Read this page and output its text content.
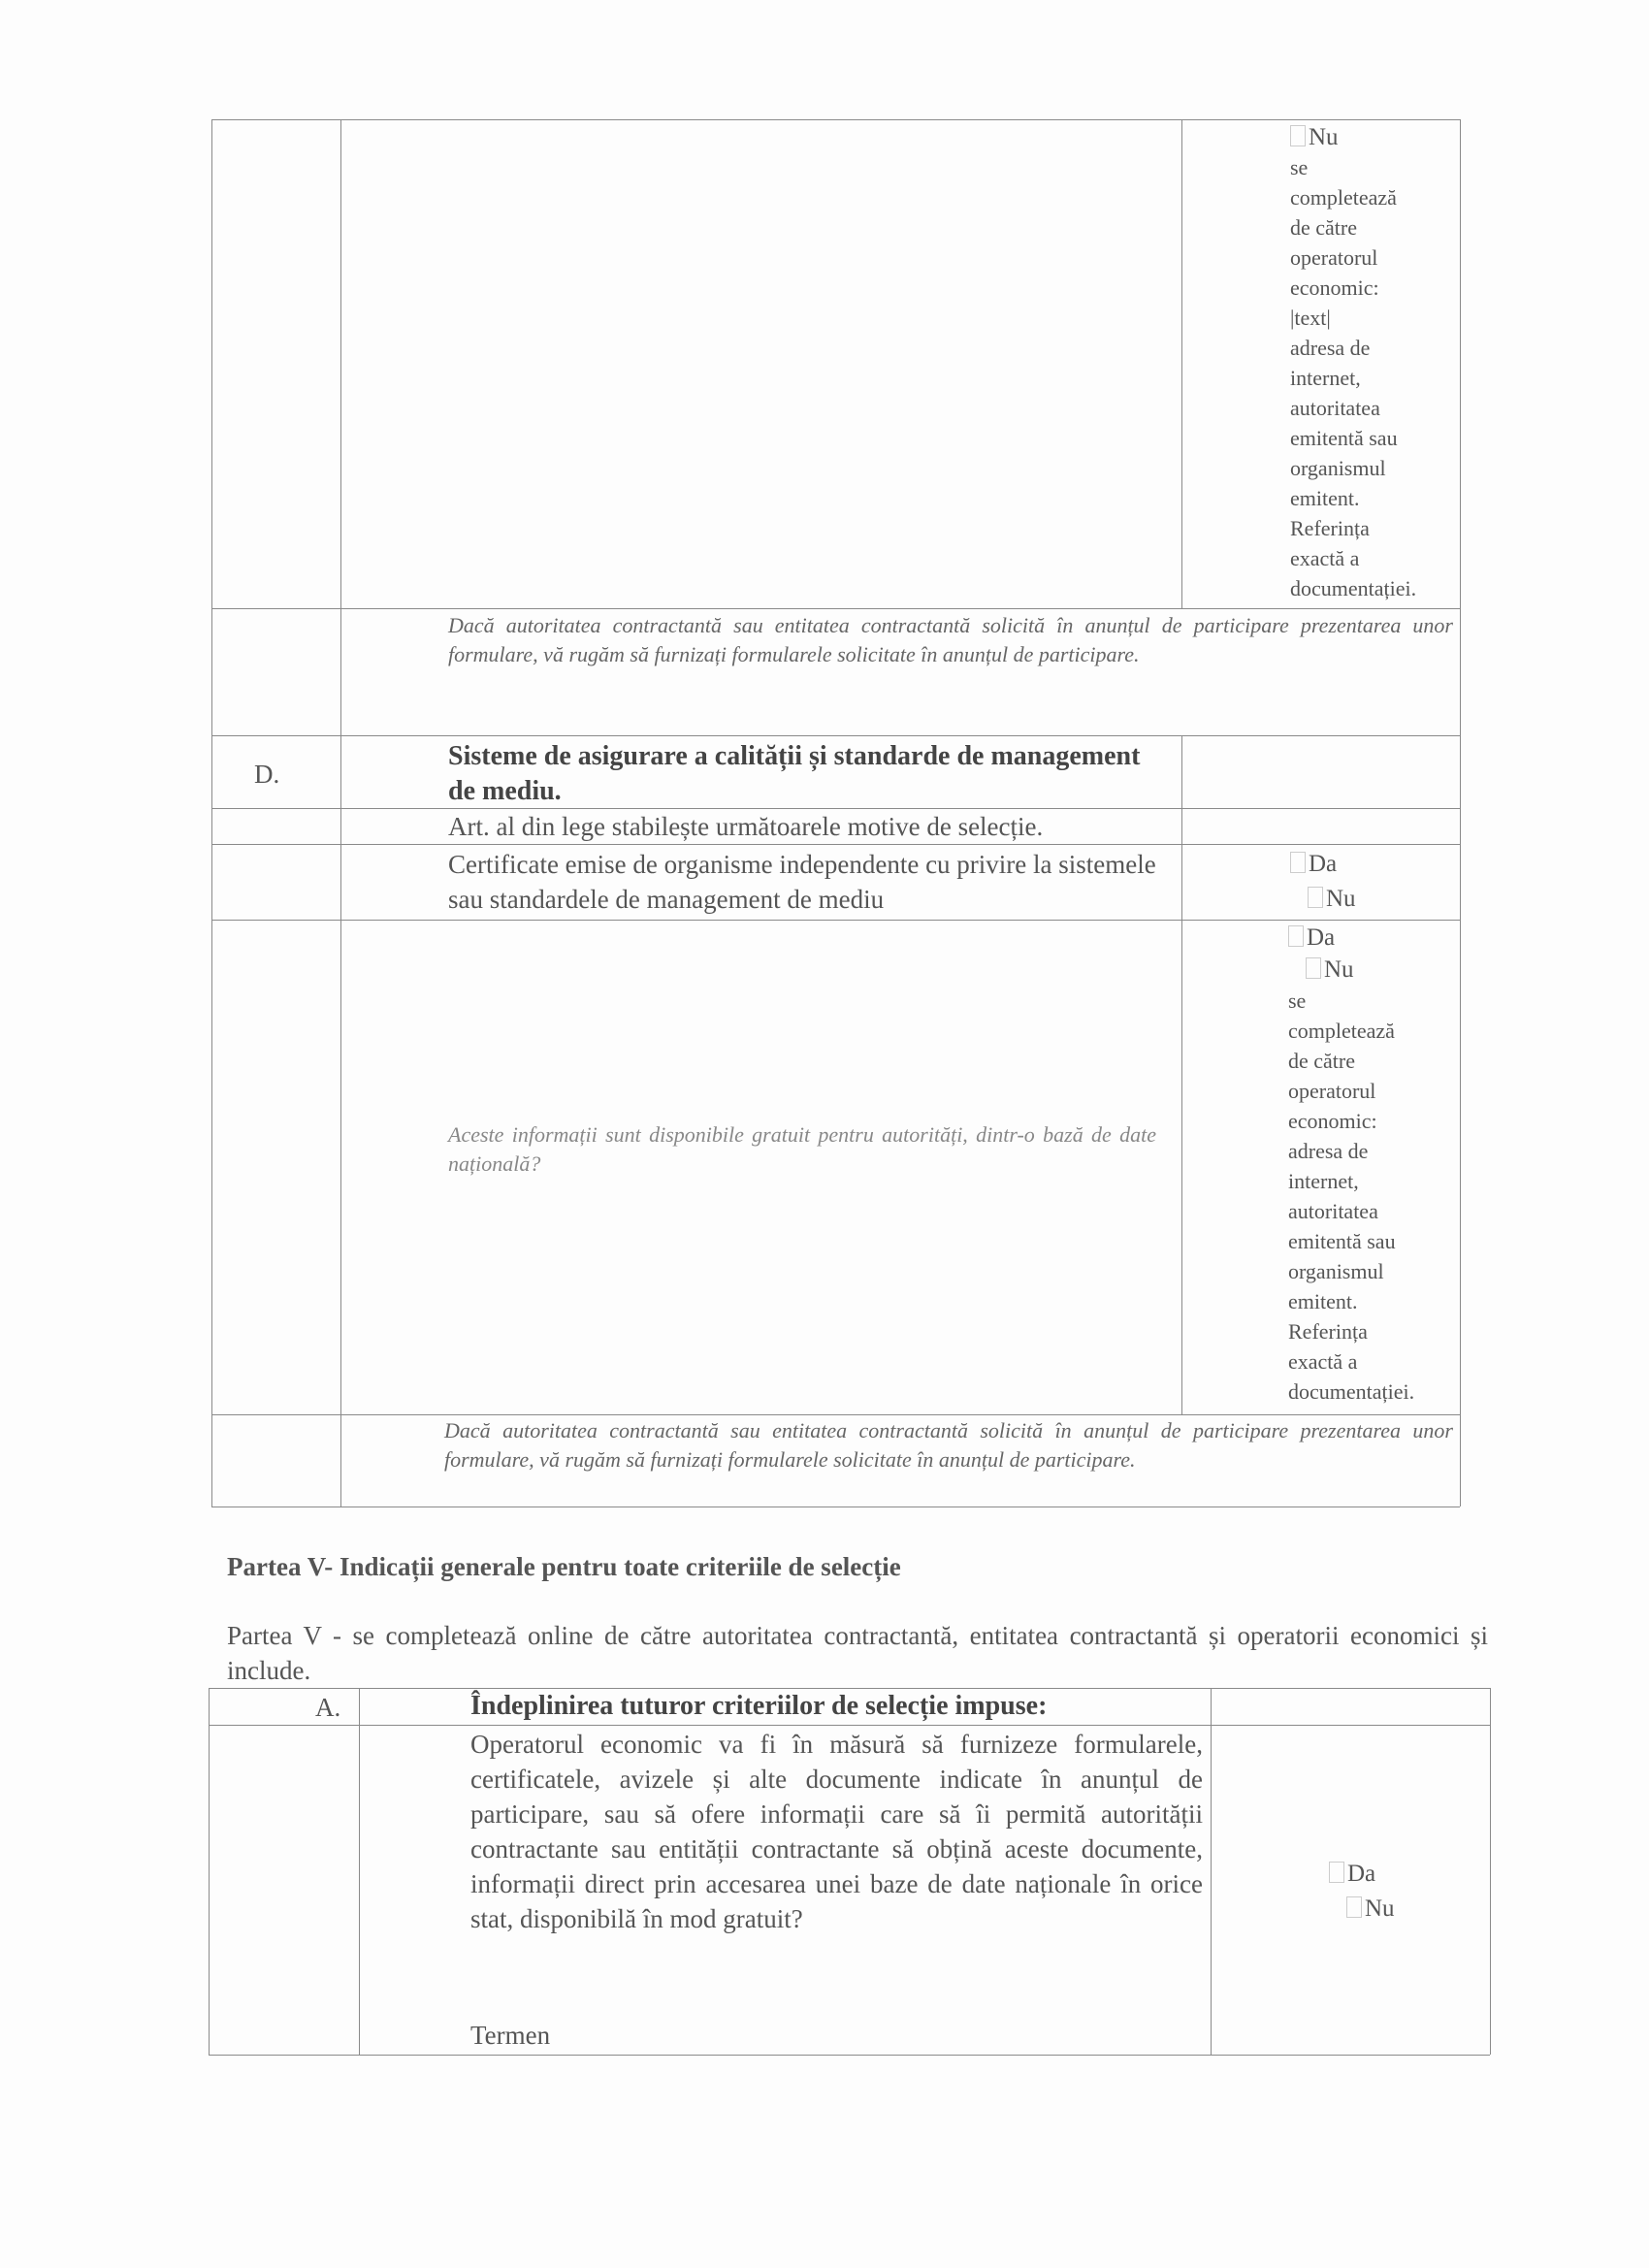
Nu
se
completează
de către
operatorul
economic:
|text|
adresa de
internet,
autoritatea
emitentă sau
organismul
emitent.
Referința
exactă a
documentației.
Dacă autoritatea contractantă sau entitatea contractantă solicită în anunțul de participare prezentarea unor formulare, vă rugăm să furnizați formularele solicitate în anunțul de participare.
D.
Sisteme de asigurare a calității și standarde de management de mediu.
Art. al din lege stabilește următoarele motive de selecție.
Certificate emise de organisme independente cu privire la sistemele sau standardele de management de mediu
Da
Nu
Aceste informații sunt disponibile gratuit pentru autorități, dintr-o bază de date națională?
Da
Nu
se
completează
de către
operatorul
economic:
adresa de
internet,
autoritatea
emitentă sau
organismul
emitent.
Referința
exactă a
documentației.
Dacă autoritatea contractantă sau entitatea contractantă solicită în anunțul de participare prezentarea unor formulare, vă rugăm să furnizați formularele solicitate în anunțul de participare.
Partea V- Indicații generale pentru toate criteriile de selecție
Partea V - se completează online de către autoritatea contractantă, entitatea contractantă și operatorii economici și include.
A.	Îndeplinirea tuturor criteriilor de selecție impuse:
Operatorul economic va fi în măsură să furnizeze formularele, certificatele, avizele și alte documente indicate în anunțul de participare, sau să ofere informații care să îi permită autorității contractante sau entității contractante să obțină aceste documente, informații direct prin accesarea unei baze de date naționale în orice stat, disponibilă în mod gratuit?
Termen
Da
Nu
